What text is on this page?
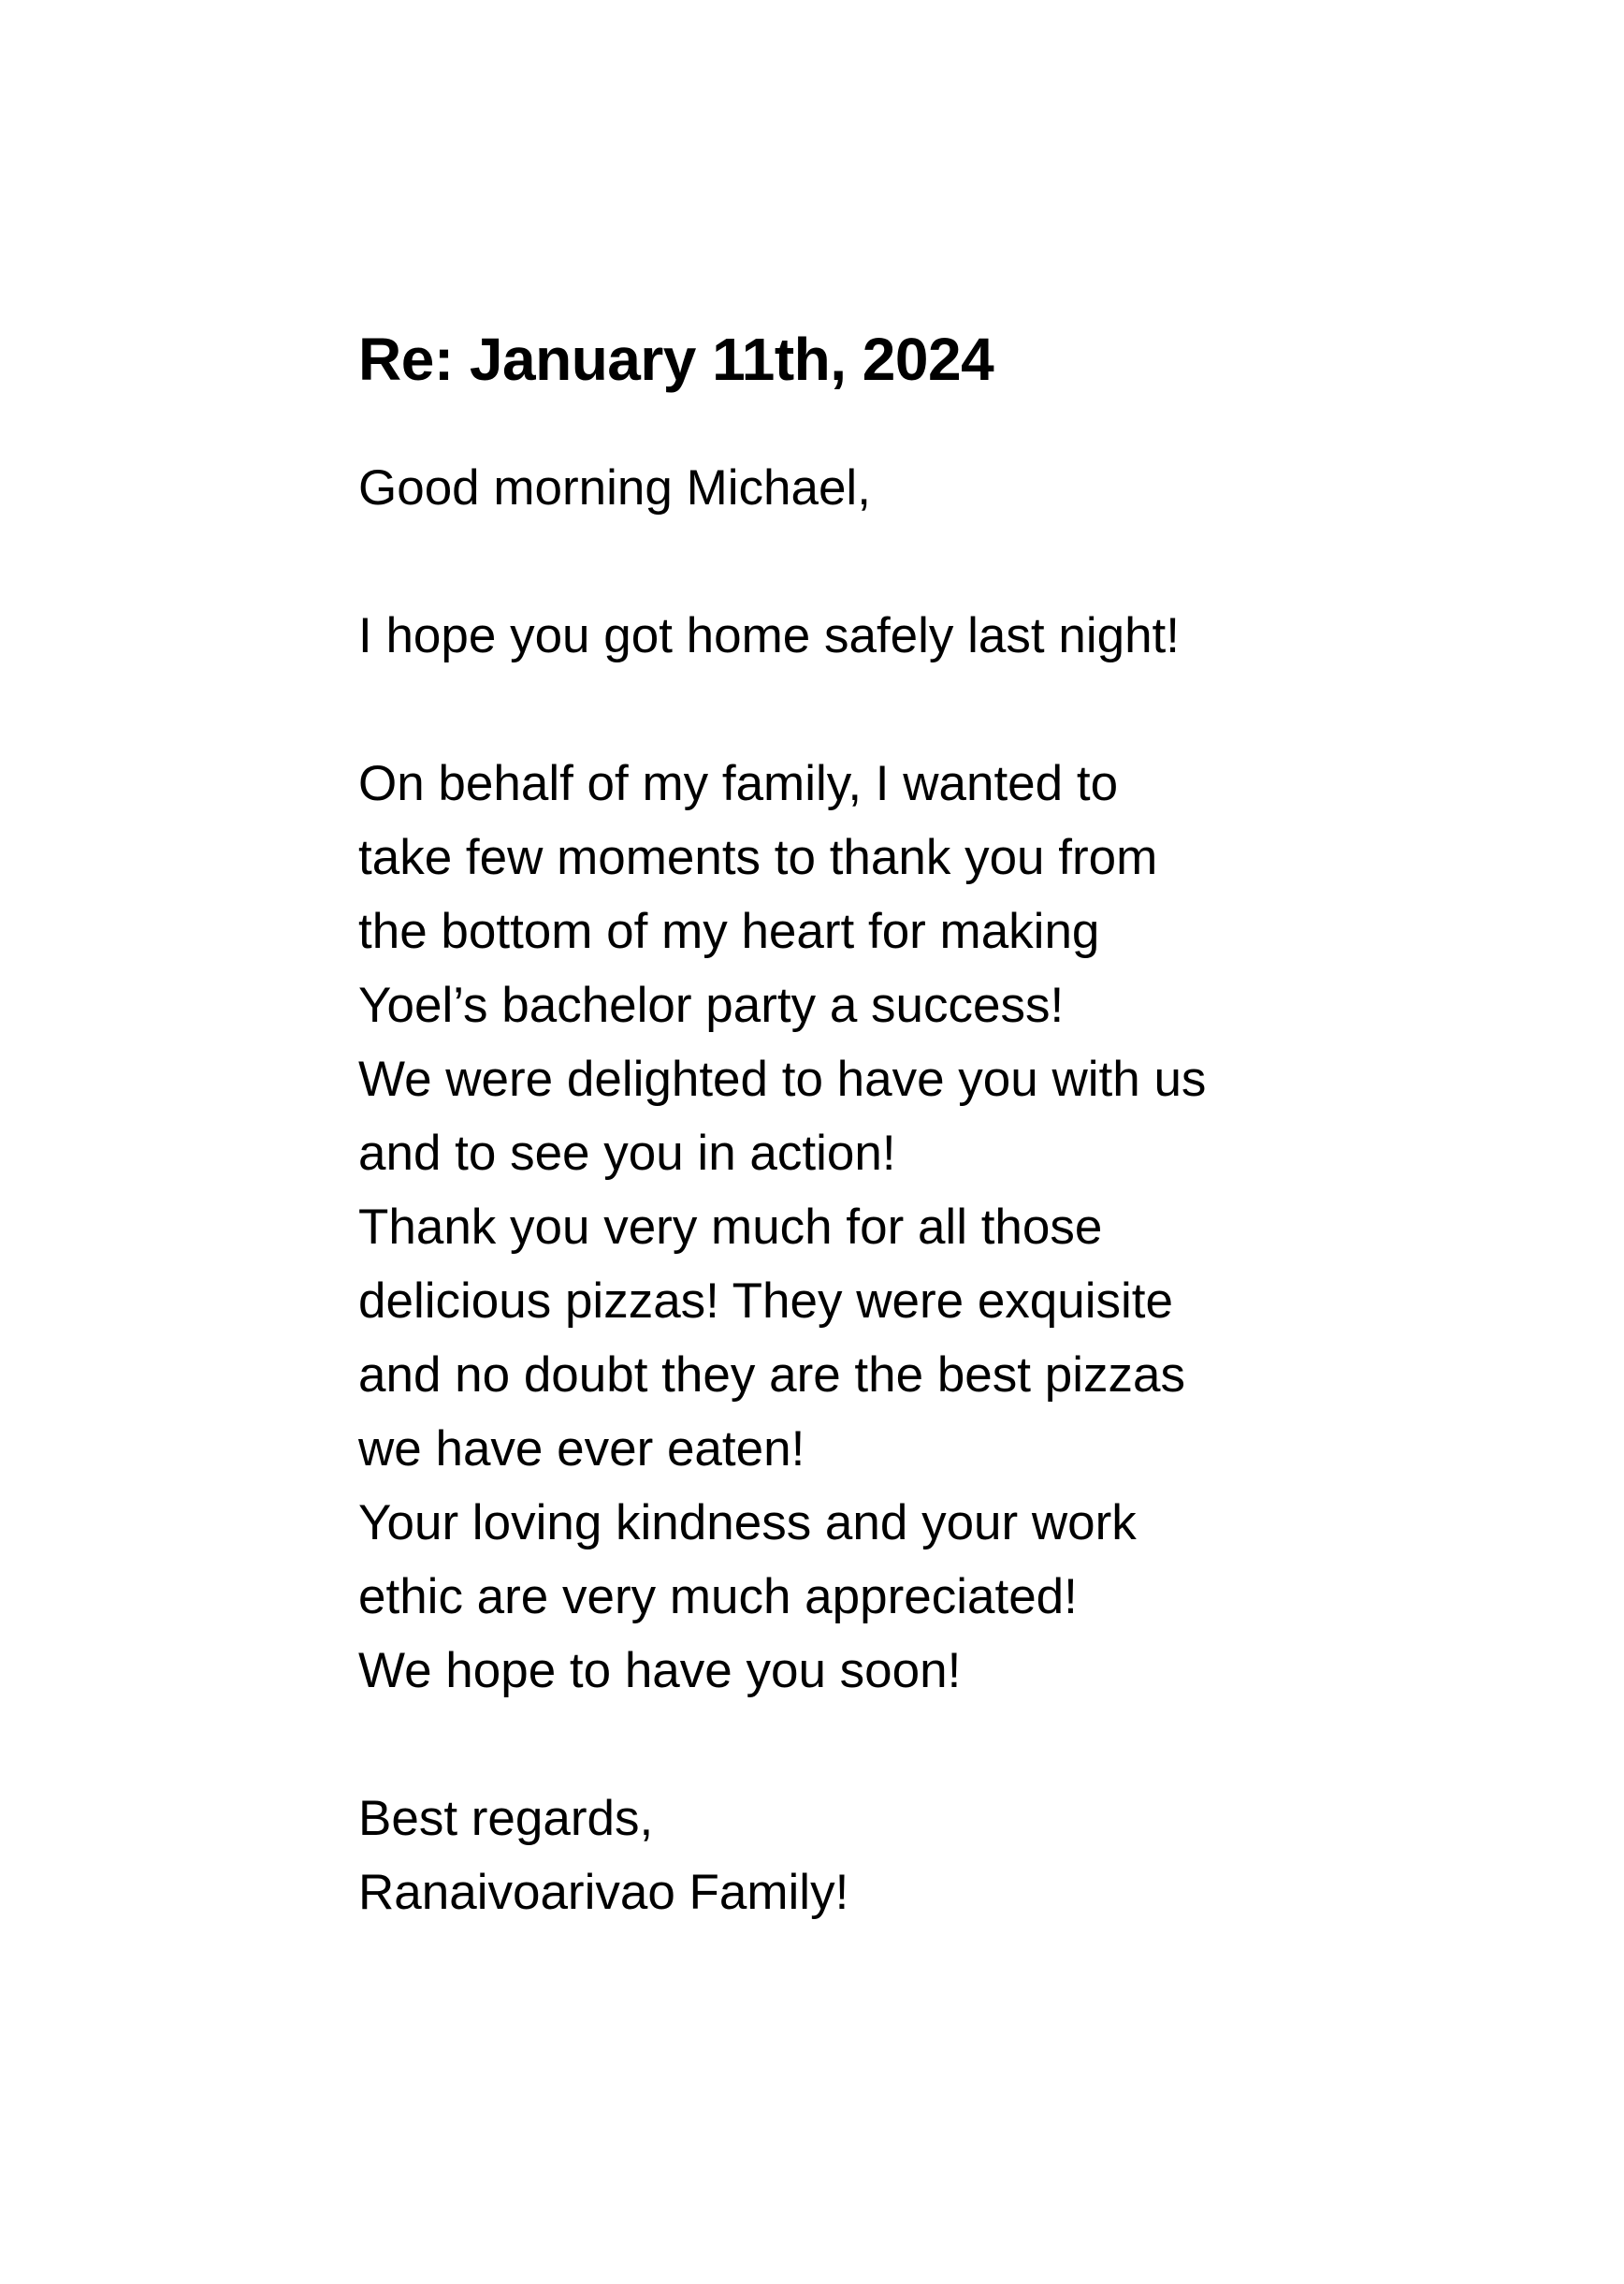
Re: January 11th, 2024

Good morning Michael,

I hope you got home safely last night!

On behalf of my family, I wanted to
take few moments to thank you from
the bottom of my heart for making
Yoel’s bachelor party a success!
We were delighted to have you with us
and to see you in action!
Thank you very much for all those
delicious pizzas! They were exquisite
and no doubt they are the best pizzas
we have ever eaten!
Your loving kindness and your work
ethic are very much appreciated!
We hope to have you soon!
Best regards,
Ranaivoarivao Family!
